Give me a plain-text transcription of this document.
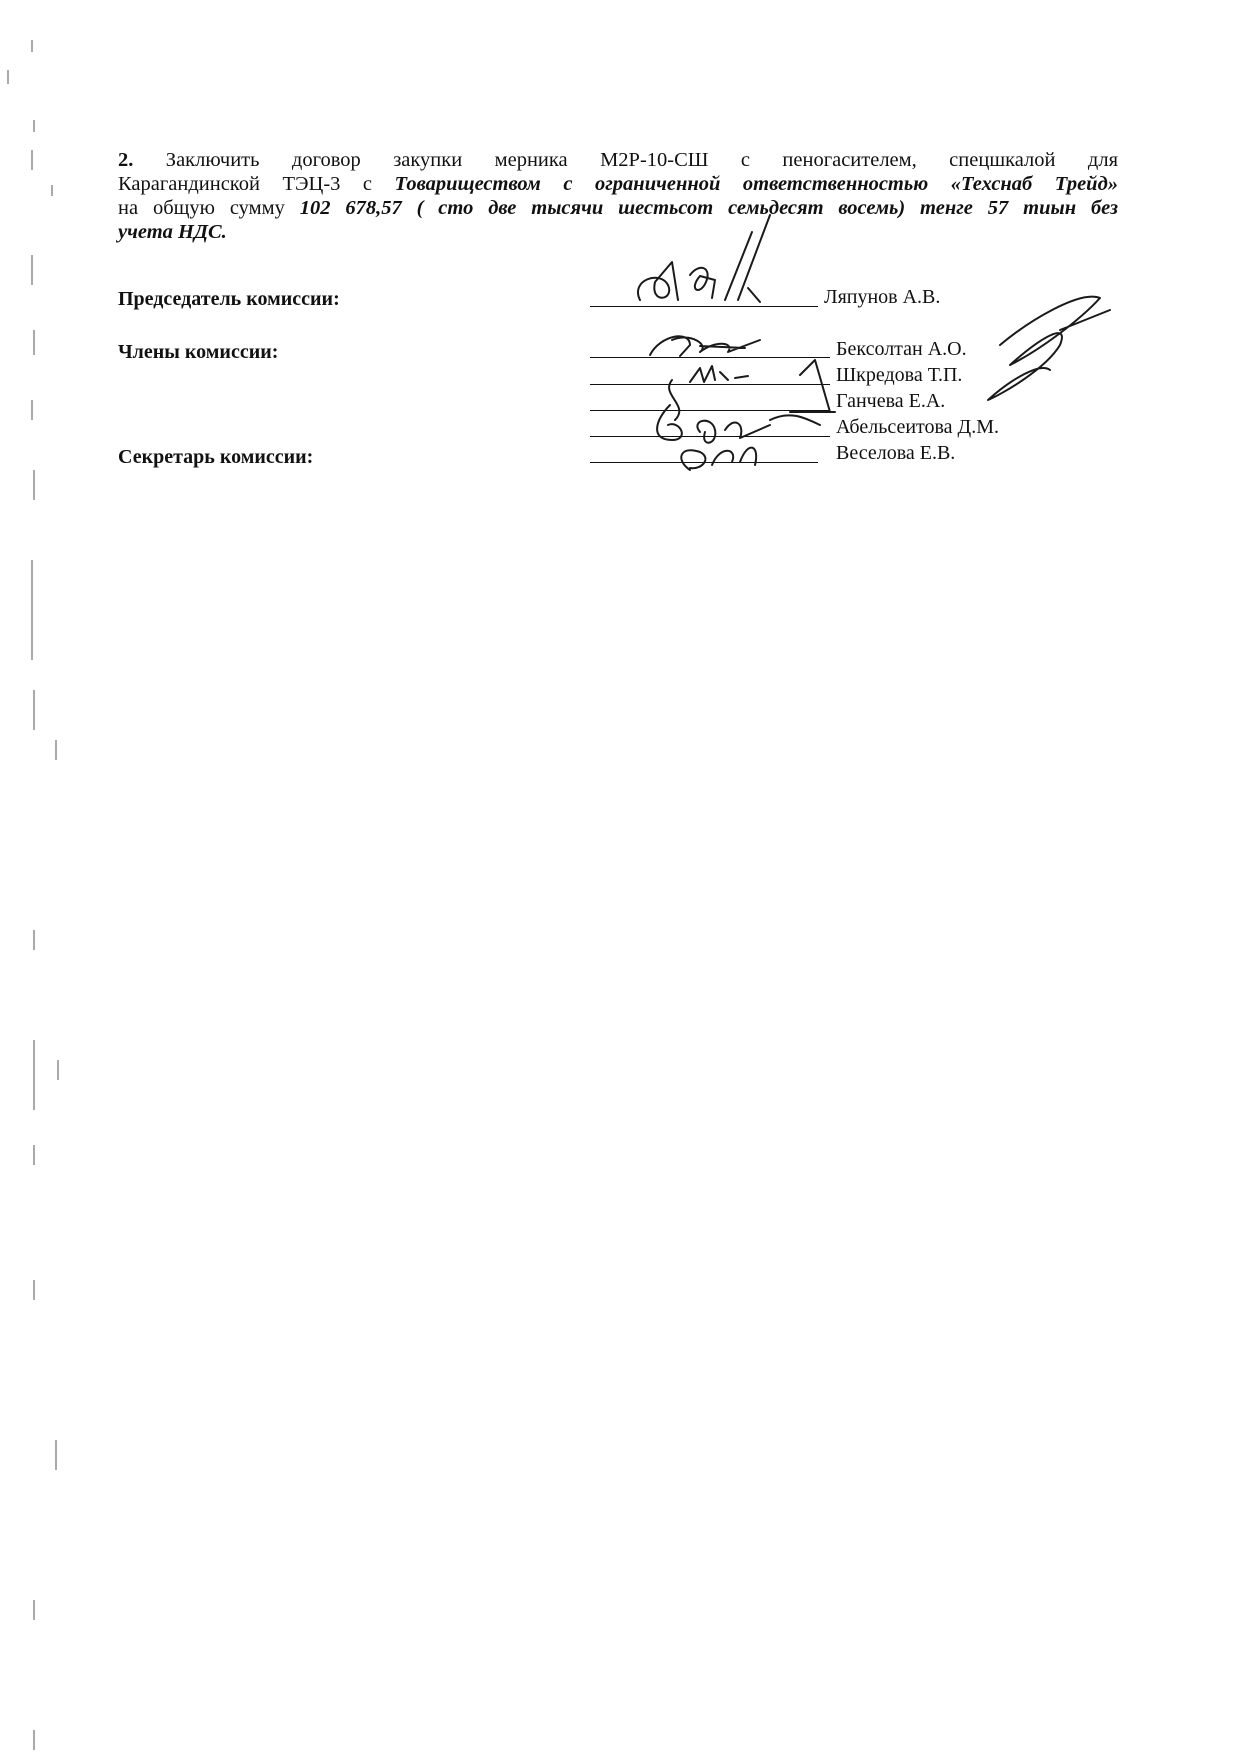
2. Заключить договор закупки мерника М2Р-10-СШ с пеногасителем, спецшкалой для
Карагандинской ТЭЦ-3 с Товариществом с ограниченной ответственностью «Техснаб Трейд»
на общую сумму 102 678,57 ( сто две тысячи шестьсот семьдесят восемь) тенге 57 тиын без
учета НДС.
Председатель комиссии:
Члены комиссии:
Секретарь комиссии:
Ляпунов А.В.
Бексолтан А.О.
Шкредова Т.П.
Ганчева Е.А.
Абельсеитова Д.М.
Веселова Е.В.
